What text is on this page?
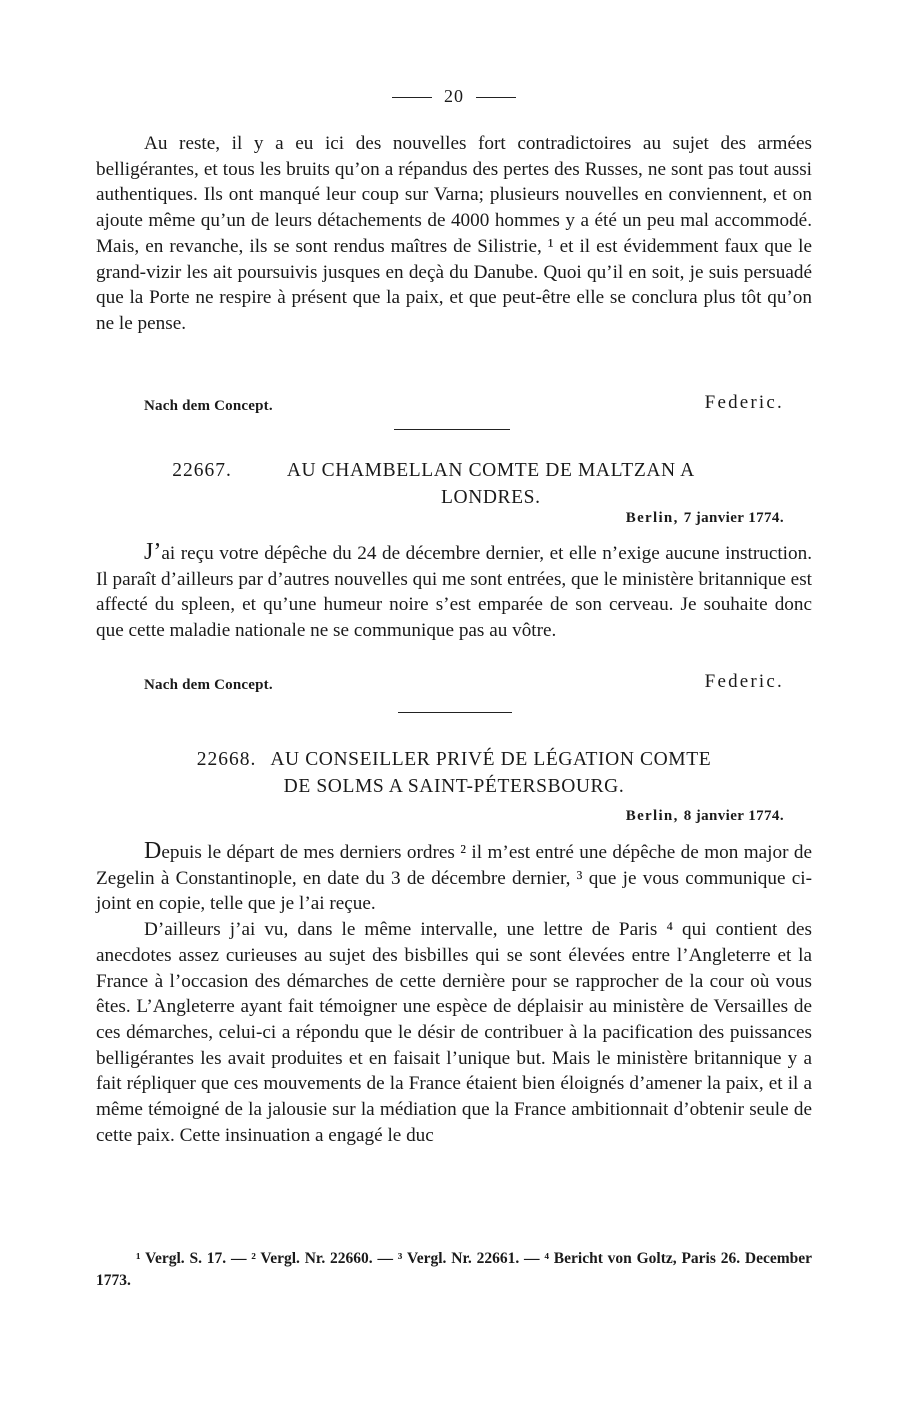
20

Au reste, il y a eu ici des nouvelles fort contradictoires au sujet des armées belligérantes, et tous les bruits qu’on a répandus des pertes des Russes, ne sont pas tout aussi authentiques. Ils ont manqué leur coup sur Varna; plusieurs nouvelles en conviennent, et on ajoute même qu’un de leurs détachements de 4000 hommes y a été un peu mal accommodé. Mais, en revanche, ils se sont rendus maîtres de Silistrie, ¹ et il est évidemment faux que le grand-vizir les ait poursuivis jusques en deçà du Danube. Quoi qu’il en soit, je suis persuadé que la Porte ne respire à présent que la paix, et que peut-être elle se conclura plus tôt qu’on ne le pense.

Nach dem Concept.	Federic.
22667.	AU CHAMBELLAN COMTE DE MALTZAN A LONDRES.
Berlin, 7 janvier 1774.

J’ai reçu votre dépêche du 24 de décembre dernier, et elle n’exige aucune instruction. Il paraît d’ailleurs par d’autres nouvelles qui me sont entrées, que le ministère britannique est affecté du spleen, et qu’une humeur noire s’est emparée de son cerveau. Je souhaite donc que cette maladie nationale ne se communique pas au vôtre.

Nach dem Concept.	Federic.
22668. AU CONSEILLER PRIVÉ DE LÉGATION COMTE
DE SOLMS A SAINT-PÉTERSBOURG.
Berlin, 8 janvier 1774.

Depuis le départ de mes derniers ordres ² il m’est entré une dépêche de mon major de Zegelin à Constantinople, en date du 3 de décembre dernier, ³ que je vous communique ci-joint en copie, telle que je l’ai reçue.

D’ailleurs j’ai vu, dans le même intervalle, une lettre de Paris ⁴ qui contient des anecdotes assez curieuses au sujet des bisbilles qui se sont élevées entre l’Angleterre et la France à l’occasion des démarches de cette dernière pour se rapprocher de la cour où vous êtes. L’Angleterre ayant fait témoigner une espèce de déplaisir au ministère de Versailles de ces démarches, celui-ci a répondu que le désir de contribuer à la pacification des puissances belligérantes les avait produites et en faisait l’unique but. Mais le ministère britannique y a fait répliquer que ces mouvements de la France étaient bien éloignés d’amener la paix, et il a même témoigné de la jalousie sur la médiation que la France ambitionnait d’obtenir seule de cette paix. Cette insinuation a engagé le duc

¹ Vergl. S. 17. — ² Vergl. Nr. 22660. — ³ Vergl. Nr. 22661. — ⁴ Bericht von Goltz, Paris 26. December 1773.
